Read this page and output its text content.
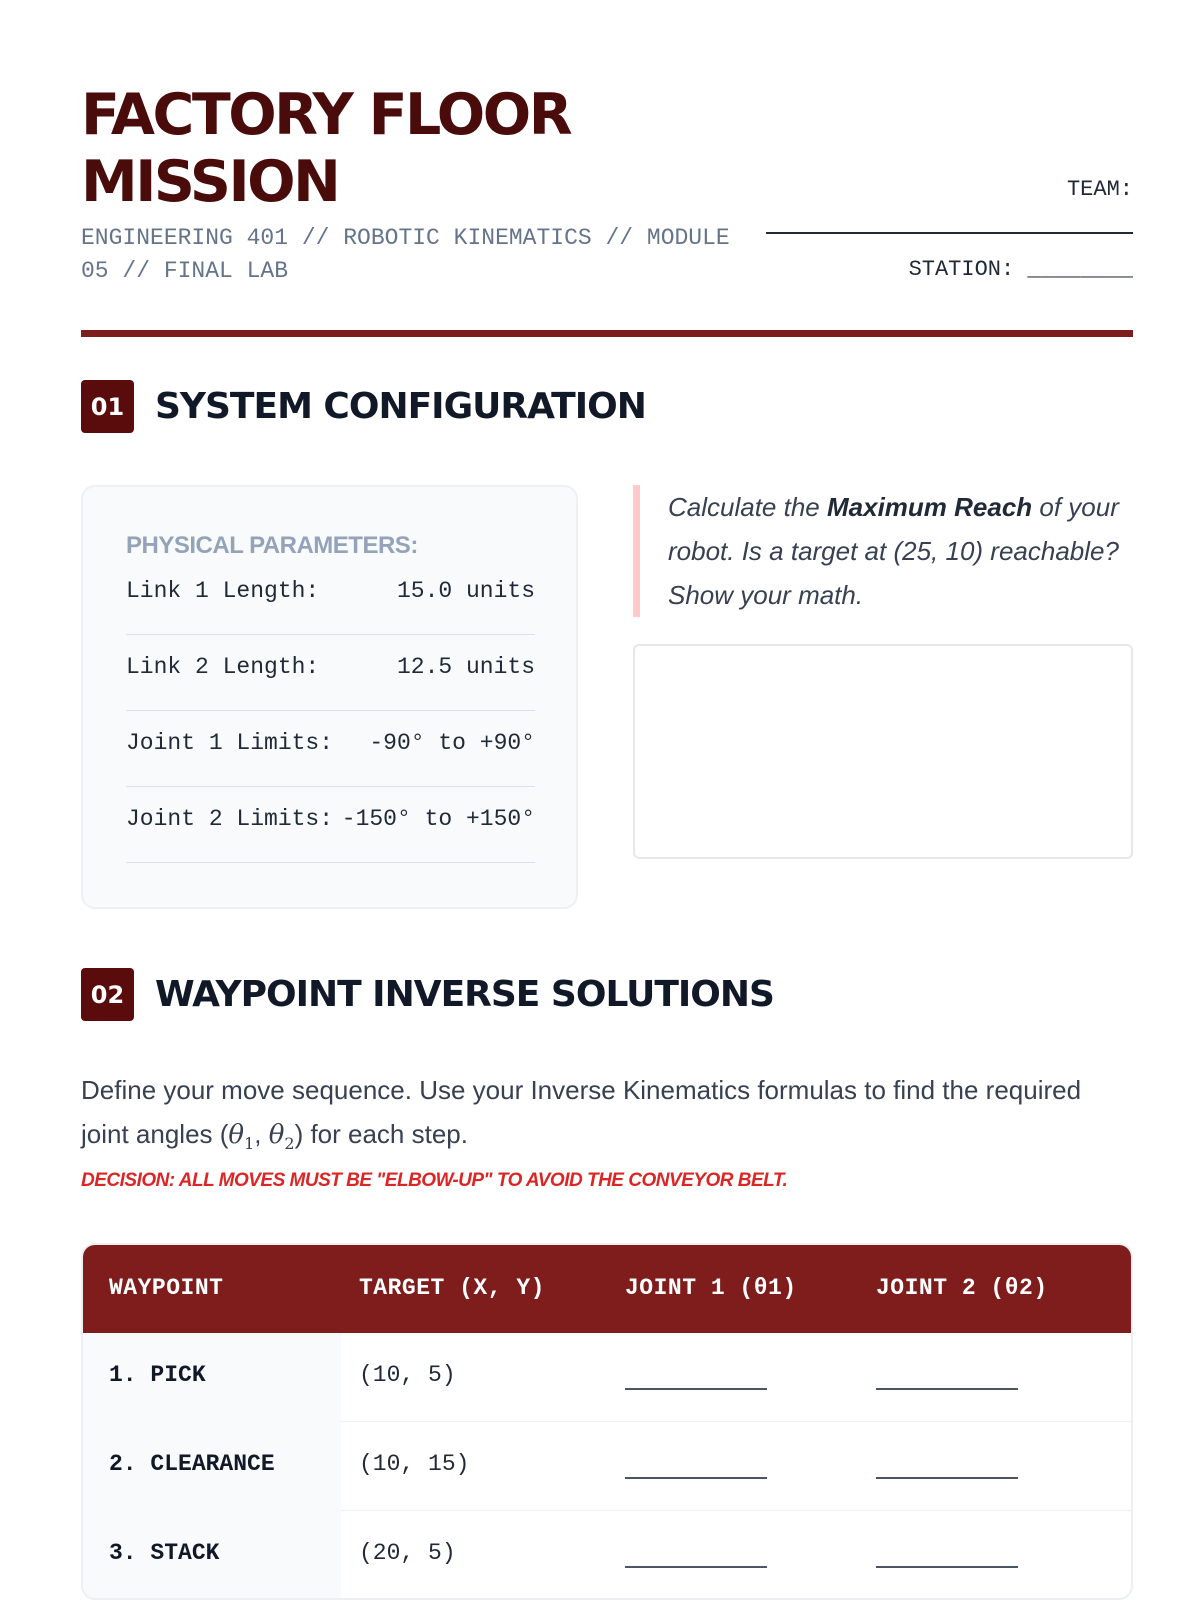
FACTORY FLOOR
MISSION
ENGINEERING 401 // ROBOTIC KINEMATICS // MODULE 05 // FINAL LAB
TEAM:
STATION: ________
01 SYSTEM CONFIGURATION
PHYSICAL PARAMETERS:
Link 1 Length:	15.0 units
Link 2 Length:	12.5 units
Joint 1 Limits: -90° to +90°
Joint 2 Limits: -150° to +150°
Calculate the Maximum Reach of your robot. Is a target at (25, 10) reachable? Show your math.
02 WAYPOINT INVERSE SOLUTIONS
Define your move sequence. Use your Inverse Kinematics formulas to find the required joint angles ($\theta_1$, $\theta_2$) for each step.
DECISION: ALL MOVES MUST BE "ELBOW-UP" TO AVOID THE CONVEYOR BELT.
WAYPOINT	TARGET (X, Y)	JOINT 1 (θ1)	JOINT 2 (θ2)
1. PICK	(10, 5)
2. CLEARANCE	(10, 15)
3. STACK	(20, 5)
